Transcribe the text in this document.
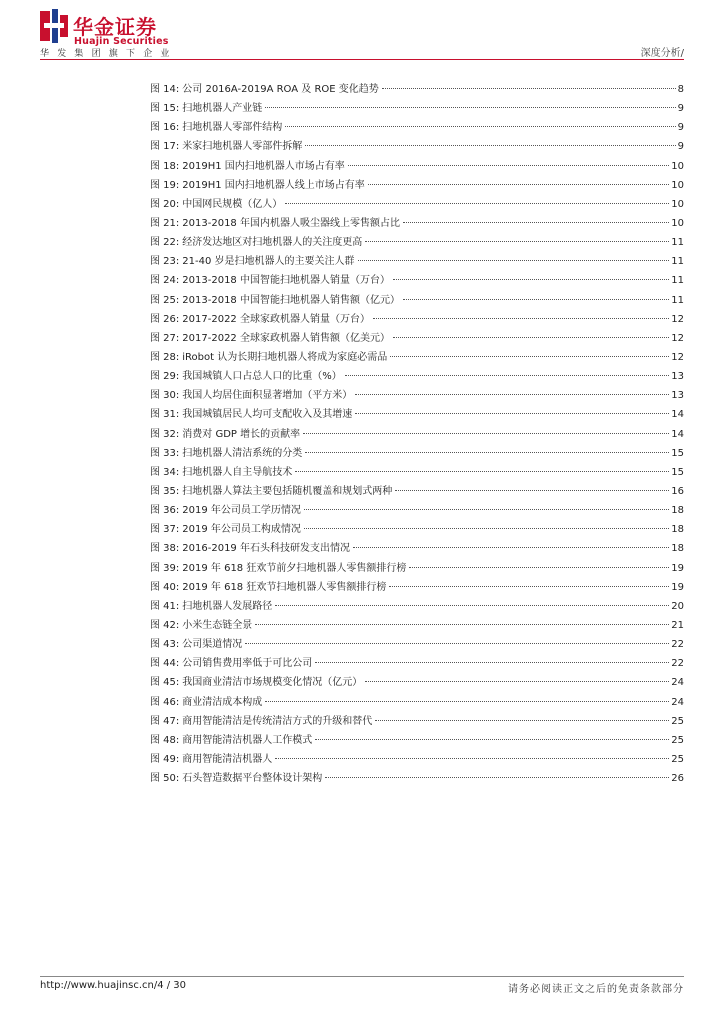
华金证券
Huajin Securities
华发集团旗下企业	深度分析/
图 14: 公司 2016A-2019A ROA 及 ROE 变化趋势	8
图 15: 扫地机器人产业链	9
图 16: 扫地机器人零部件结构	9
图 17: 米家扫地机器人零部件拆解	9
图 18: 2019H1 国内扫地机器人市场占有率	10
图 19: 2019H1 国内扫地机器人线上市场占有率	10
图 20: 中国网民规模（亿人）	10
图 21: 2013-2018 年国内机器人吸尘器线上零售额占比	10
图 22: 经济发达地区对扫地机器人的关注度更高	11
图 23: 21-40 岁是扫地机器人的主要关注人群	11
图 24: 2013-2018 中国智能扫地机器人销量（万台）	11
图 25: 2013-2018 中国智能扫地机器人销售额（亿元）	11
图 26: 2017-2022 全球家政机器人销量（万台）	12
图 27: 2017-2022 全球家政机器人销售额（亿美元）	12
图 28: iRobot 认为长期扫地机器人将成为家庭必需品	12
图 29: 我国城镇人口占总人口的比重（%）	13
图 30: 我国人均居住面积显著增加（平方米）	13
图 31: 我国城镇居民人均可支配收入及其增速	14
图 32: 消费对 GDP 增长的贡献率	14
图 33: 扫地机器人清洁系统的分类	15
图 34: 扫地机器人自主导航技术	15
图 35: 扫地机器人算法主要包括随机覆盖和规划式两种	16
图 36: 2019 年公司员工学历情况	18
图 37: 2019 年公司员工构成情况	18
图 38: 2016-2019 年石头科技研发支出情况	18
图 39: 2019 年 618 狂欢节前夕扫地机器人零售额排行榜	19
图 40: 2019 年 618 狂欢节扫地机器人零售额排行榜	19
图 41: 扫地机器人发展路径	20
图 42: 小米生态链全景	21
图 43: 公司渠道情况	22
图 44: 公司销售费用率低于可比公司	22
图 45: 我国商业清洁市场规模变化情况（亿元）	24
图 46: 商业清洁成本构成	24
图 47: 商用智能清洁是传统清洁方式的升级和替代	25
图 48: 商用智能清洁机器人工作模式	25
图 49: 商用智能清洁机器人	25
图 50: 石头智造数据平台整体设计架构	26
http://www.huajinsc.cn/4 / 30	请务必阅读正文之后的免责条款部分
